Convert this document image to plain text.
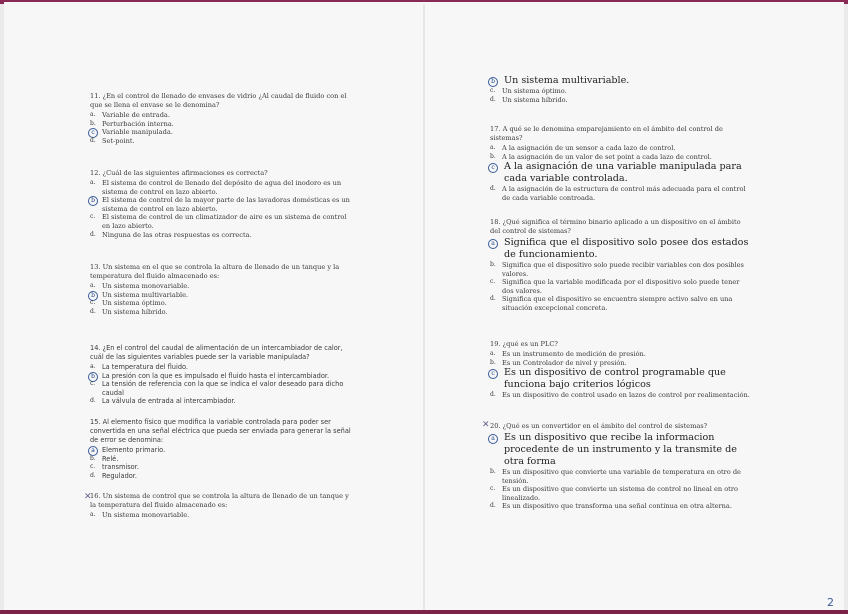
11. ¿En el control de llenado de envases de vidrio ¿Al caudal de fluido con el que se llena el envase se le denomina?
a. Variable de entrada.
b. Perturbación interna.
c	Variable manipulada.
d. Set-point.
12. ¿Cuál de las siguientes afirmaciones es correcta?
a. El sistema de control de llenado del depósito de agua del inodoro es un sistema de control en lazo abierto.
b	El sistema de control de la mayor parte de las lavadoras domésticas es un sistema de control en lazo abierto.
c.	El sistema de control de un climatizador de aire es un sistema de control en lazo abierto.
d. Ninguna de las otras respuestas es correcta.
13. Un sistema en el que se controla la altura de llenado de un tanque y la temperatura del fluido almacenado es:
a. Un sistema monovariable.
b	Un sistema multivariable.
c.	Un sistema óptimo.
d. Un sistema híbrido.
14. ¿En el control del caudal de alimentación de un intercambiador de calor, cuál de las siguientes variables puede ser la variable manipulada?
a. La temperatura del fluido.
b	La presión con la que es impulsado el fluido hasta el intercambiador.
c.	La tensión de referencia con la que se indica el valor deseado para dicho caudal
d. La válvula de entrada al intercambiador.
15. Al elemento físico que modifica la variable controlada para poder ser convertida en una señal eléctrica que pueda ser enviada para generar la señal de error se denomina:
a	Elemento primario.
b. Relé.
c.	transmisor.
d. Regulador.
16. Un sistema de control que se controla la altura de llenado de un tanque y la temperatura del fluido almacenado es:
a. Un sistema monovariable.
b Un sistema multivariable.
c.	Un sistema óptimo.
d. Un sistema híbrido.
17. A qué se le denomina emparejamiento en el ámbito del control de sistemas?
a. A la asignación de un sensor a cada lazo de control.
b. A la asignación de un valor de set point a cada lazo de control.
c A la asignación de una variable manipulada para cada variable controlada.
d. A la asignación de la estructura de control más adecuada para el control de cada variable controada.
18. ¿Qué significa el término binario aplicado a un dispositivo en el ámbito del control de sistemas?
a Significa que el dispositivo solo posee dos estados de funcionamiento.
b. Significa que el dispositivo solo puede recibir variables con dos posibles valores.
c.	Significa que la variable modificada por el dispositivo solo puede tener dos valores.
d. Significa que el dispositivo se encuentra siempre activo salvo en una situación excepcional concreta.
19. ¿qué es un PLC?
a. Es un instrumento de medición de presión.
b. Es un Controlador de nivel y presión.
c Es un dispositivo de control programable que funciona bajo criterios lógicos
d. Es un dispositivo de control usado en lazos de control por realimentación.
20. ¿Qué es un convertidor en el ámbito del control de sistemas?
a Es un dispositivo que recibe la informacion procedente de un instrumento y la transmite de otra forma
b. Es un dispositivo que convierte una variable de temperatura en otro de tensión.
c.	Es un dispositivo que convierte un sistema de control no lineal en otro linealizado.
d. Es un dispositivo que transforma una señal continua en otra alterna.
✕
✕
2
